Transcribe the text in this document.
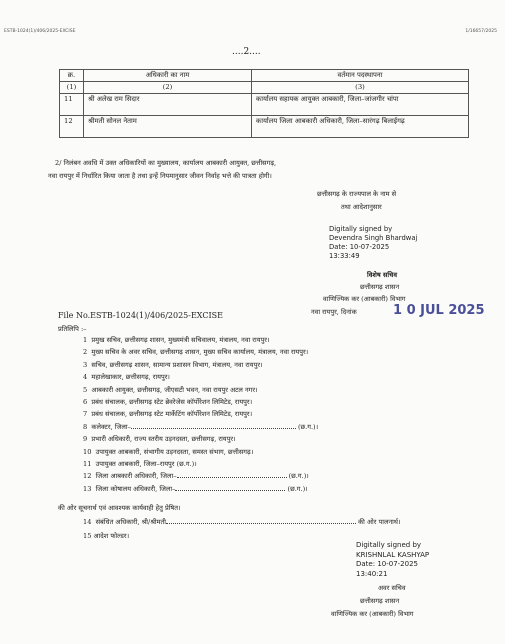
ESTB-1024(1)/406/2025-EXCISE	1/16657/2025
....2....
क्र.	अधिकारी का नाम	वर्तमान पदस्थापना
(1)	(2)	(3)
11	श्री अलेख राम सिदार	कार्यालय सहायक आयुक्त आबकारी, जिला–जांजगीर चांपा
12	श्रीमती सोनल नेताम	कार्यालय जिला आबकारी अधिकारी, जिला–सारंगढ़ बिलाईगढ़
2/ निलंबन अवधि में उक्त अधिकारियों का मुख्यालय, कार्यालय आबकारी आयुक्त, छत्तीसगढ़,
नवा रायपुर में निर्धारित किया जाता है तथा इन्हें नियमानुसार जीवन निर्वाह भत्ते की पात्रता होगी।
छत्तीसगढ़ के राज्यपाल के नाम से
तथा आदेशानुसार
Digitally signed by
Devendra Singh Bhardwaj
Date: 10-07-2025
13:33:49
विशेष सचिव
छत्तीसगढ़ शासन
वाणिज्यिक कर (आबकारी) विभाग
नवा रायपुर, दिनांक	1 0 JUL 2025
File No.ESTB-1024(1)/406/2025-EXCISE
प्रतिलिपि :–
1 प्रमुख सचिव, छत्तीसगढ़ शासन, मुख्यमंत्री सचिवालय, मंत्रालय, नवा रायपुर।
2 मुख्य सचिव के अवर सचिव, छत्तीसगढ़ शासन, मुख्य सचिव कार्यालय, मंत्रालय, नवा रायपुर।
3 सचिव, छत्तीसगढ़ शासन, सामान्य प्रशासन विभाग, मंत्रालय, नवा रायपुर।
4 महालेखाकार, छत्तीसगढ़, रायपुर।
5 आबकारी आयुक्त, छत्तीसगढ़, जीएसटी भवन, नवा रायपुर अटल नगर।
6 प्रबंध संचालक, छत्तीसगढ़ स्टेट ब्रेवरेजेस कॉर्पोरेशन लिमिटेड, रायपुर।
7 प्रबंध संचालक, छत्तीसगढ़ स्टेट मार्केटिंग कॉर्पोरेशन लिमिटेड, रायपुर।
8 कलेक्टर, जिला–	(छ.ग.)।
9 प्रभारी अधिकारी, राज्य स्तरीय उड़नदस्ता, छत्तीसगढ़, रायपुर।
10 उपायुक्त आबकारी, संभागीय उड़नदस्ता, समस्त संभाग, छत्तीसगढ़।
11 उपायुक्त आबकारी, जिला–रायपुर (छ.ग.)।
12 जिला आबकारी अधिकारी, जिला–	(छ.ग.)।
13 जिला कोषालय अधिकारी, जिला–	(छ.ग.)।
की ओर सूचनार्थ एवं आवश्यक कार्यवाही हेतु प्रेषित।
14 संबंधित अधिकारी, श्री/श्रीमती	की ओर पालनार्थ।
15 आदेश फोल्डर।
Digitally signed by
KRISHNLAL KASHYAP
Date: 10-07-2025
13:40:21
अवर सचिव
छत्तीसगढ़ शासन
वाणिज्यिक कर (आबकारी) विभाग
